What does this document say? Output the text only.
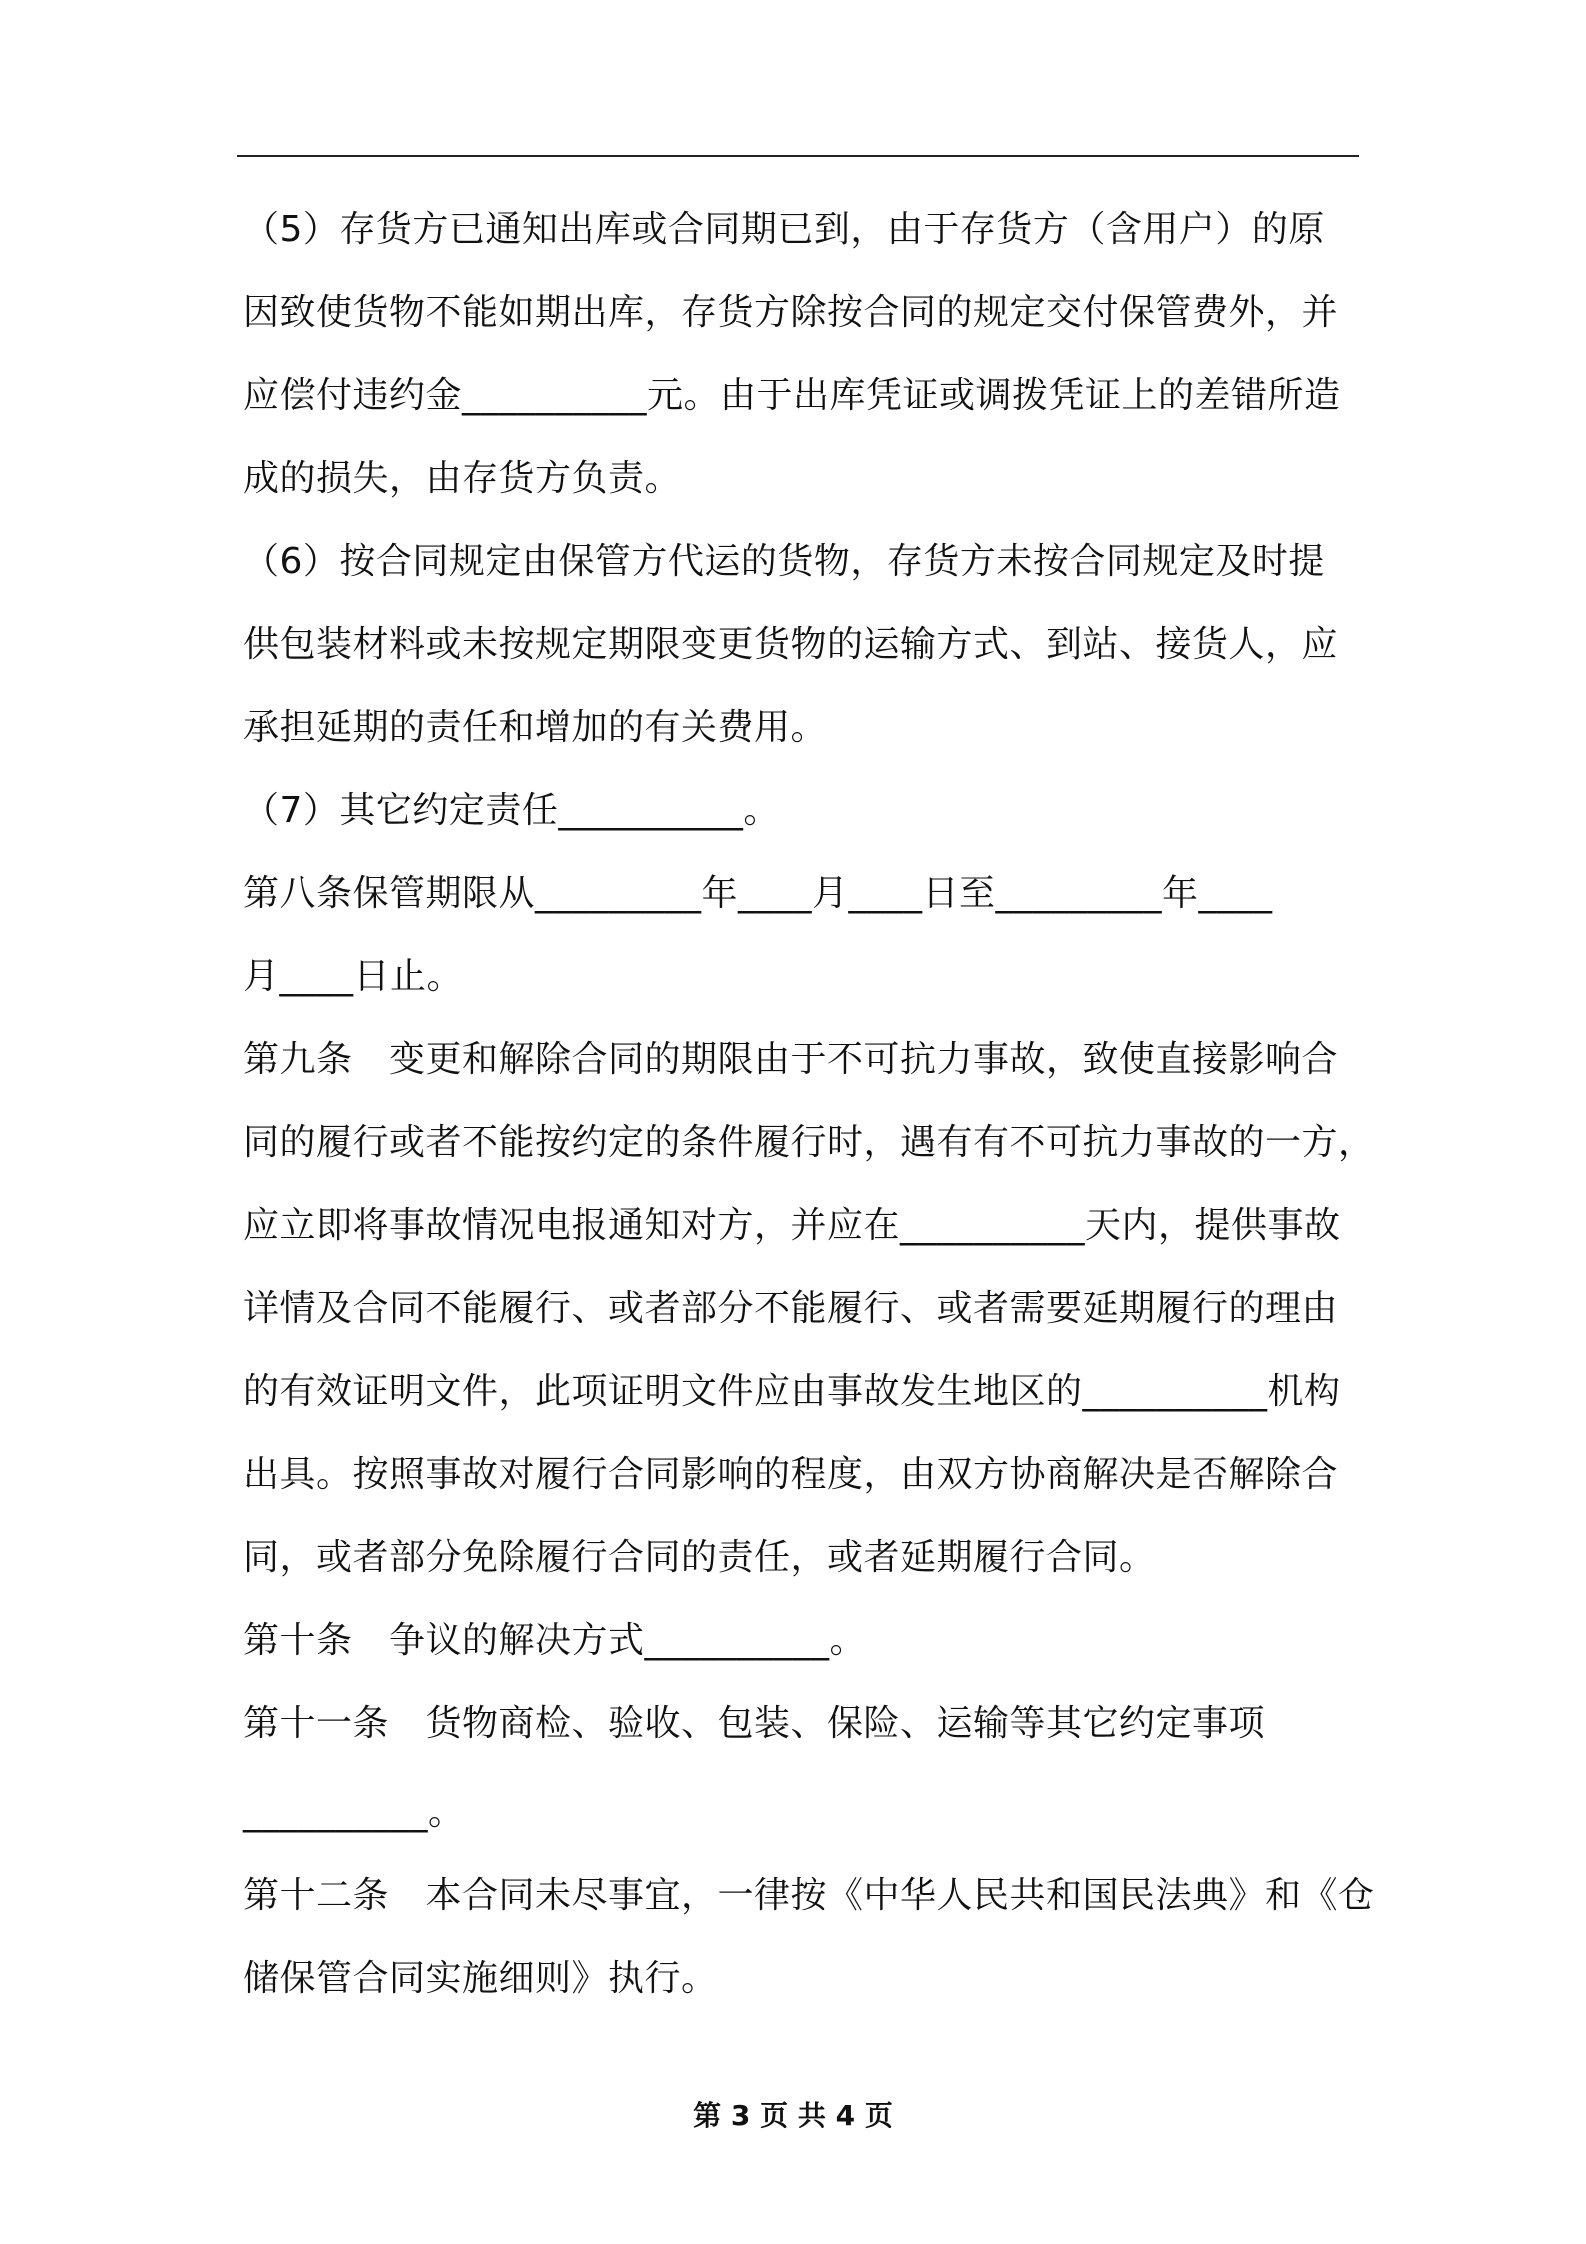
（5）存货方已通知出库或合同期已到，由于存货方（含用户）的原
因致使货物不能如期出库，存货方除按合同的规定交付保管费外，并
应偿付违约金__________元。由于出库凭证或调拨凭证上的差错所造
成的损失，由存货方负责。
（6）按合同规定由保管方代运的货物，存货方未按合同规定及时提
供包装材料或未按规定期限变更货物的运输方式、到站、接货人，应
承担延期的责任和增加的有关费用。
（7）其它约定责任__________。
第八条保管期限从_________年____月____日至_________年____
月____日止。
第九条　变更和解除合同的期限由于不可抗力事故，致使直接影响合
同的履行或者不能按约定的条件履行时，遇有有不可抗力事故的一方，
应立即将事故情况电报通知对方，并应在__________天内，提供事故
详情及合同不能履行、或者部分不能履行、或者需要延期履行的理由
的有效证明文件，此项证明文件应由事故发生地区的__________机构
出具。按照事故对履行合同影响的程度，由双方协商解决是否解除合
同，或者部分免除履行合同的责任，或者延期履行合同。
第十条　争议的解决方式__________。
第十一条　货物商检、验收、包装、保险、运输等其它约定事项
__________。
第十二条　本合同未尽事宜，一律按《中华人民共和国民法典》和《仓
储保管合同实施细则》执行。
第 3 页 共 4 页
